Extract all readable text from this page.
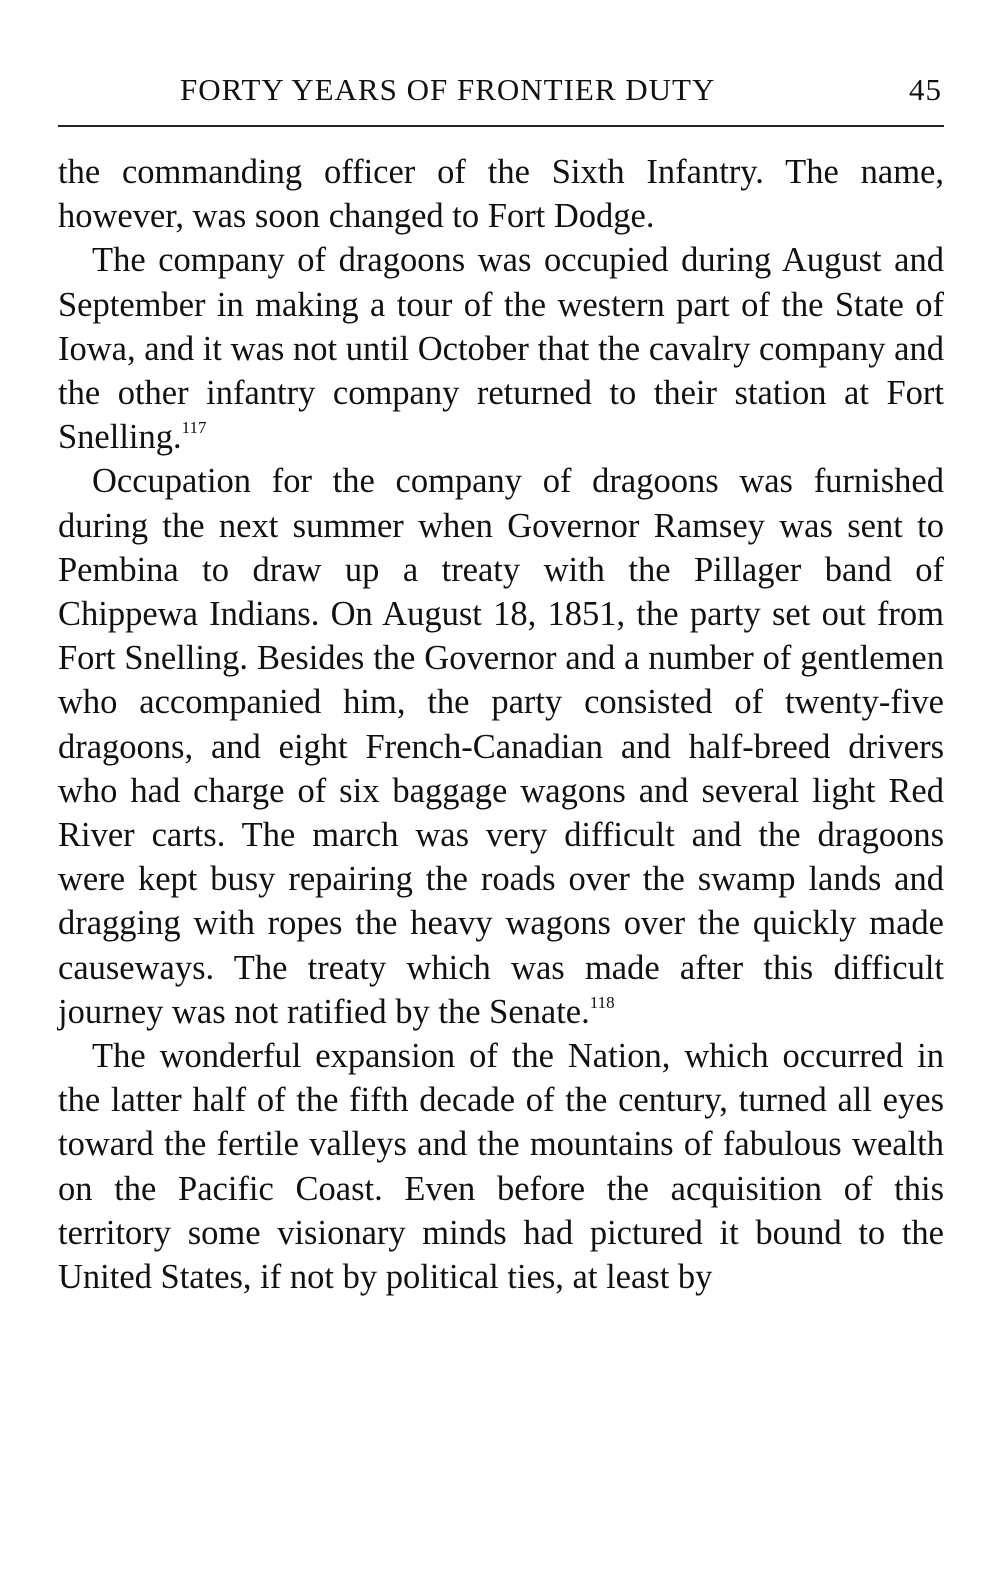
FORTY YEARS OF FRONTIER DUTY	45

the commanding officer of the Sixth Infantry. The name, however, was soon changed to Fort Dodge.

The company of dragoons was occupied during August and September in making a tour of the western part of the State of Iowa, and it was not until October that the cavalry company and the other infantry company returned to their station at Fort Snelling.$^{117}$

Occupation for the company of dragoons was furnished during the next summer when Governor Ramsey was sent to Pembina to draw up a treaty with the Pillager band of Chippewa Indians. On August 18, 1851, the party set out from Fort Snelling. Besides the Governor and a number of gentlemen who accompanied him, the party consisted of twenty-five dragoons, and eight French-Canadian and half-breed drivers who had charge of six baggage wagons and several light Red River carts. The march was very difficult and the dragoons were kept busy repairing the roads over the swamp lands and dragging with ropes the heavy wagons over the quickly made causeways. The treaty which was made after this difficult journey was not ratified by the Senate.$^{118}$

The wonderful expansion of the Nation, which occurred in the latter half of the fifth decade of the century, turned all eyes toward the fertile valleys and the mountains of fabulous wealth on the Pacific Coast. Even before the acquisition of this territory some visionary minds had pictured it bound to the United States, if not by political ties, at least by
